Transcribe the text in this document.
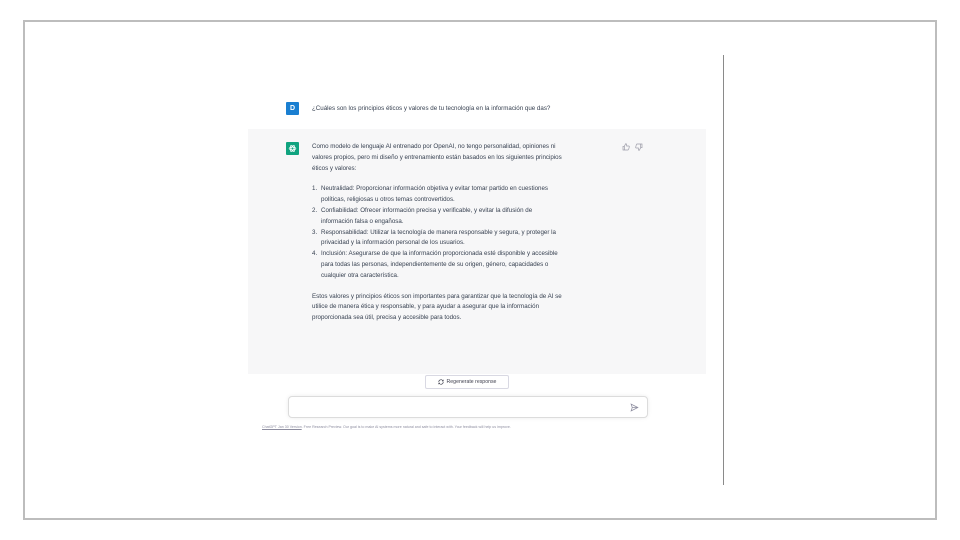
D	¿Cuáles son los principios éticos y valores de tu tecnología en la información que das?

Como modelo de lenguaje AI entrenado por OpenAI, no tengo personalidad, opiniones ni

valores propios, pero mi diseño y entrenamiento están basados en los siguientes principios

éticos y valores:

1. Neutralidad: Proporcionar información objetiva y evitar tomar partido en cuestiones

políticas, religiosas u otros temas controvertidos.

2. Confiabilidad: Ofrecer información precisa y verificable, y evitar la difusión de

información falsa o engañosa.

3. Responsabilidad: Utilizar la tecnología de manera responsable y segura, y proteger la

privacidad y la información personal de los usuarios.

4. Inclusión: Asegurarse de que la información proporcionada esté disponible y accesible

para todas las personas, independientemente de su origen, género, capacidades o

cualquier otra característica.

Estos valores y principios éticos son importantes para garantizar que la tecnología de AI se

utilice de manera ética y responsable, y para ayudar a asegurar que la información

proporcionada sea útil, precisa y accesible para todos.

Regenerate response
ChatGPT Jan 30 Version. Free Research Preview. Our goal is to make AI systems more natural and safe to interact with. Your feedback will help us improve.
